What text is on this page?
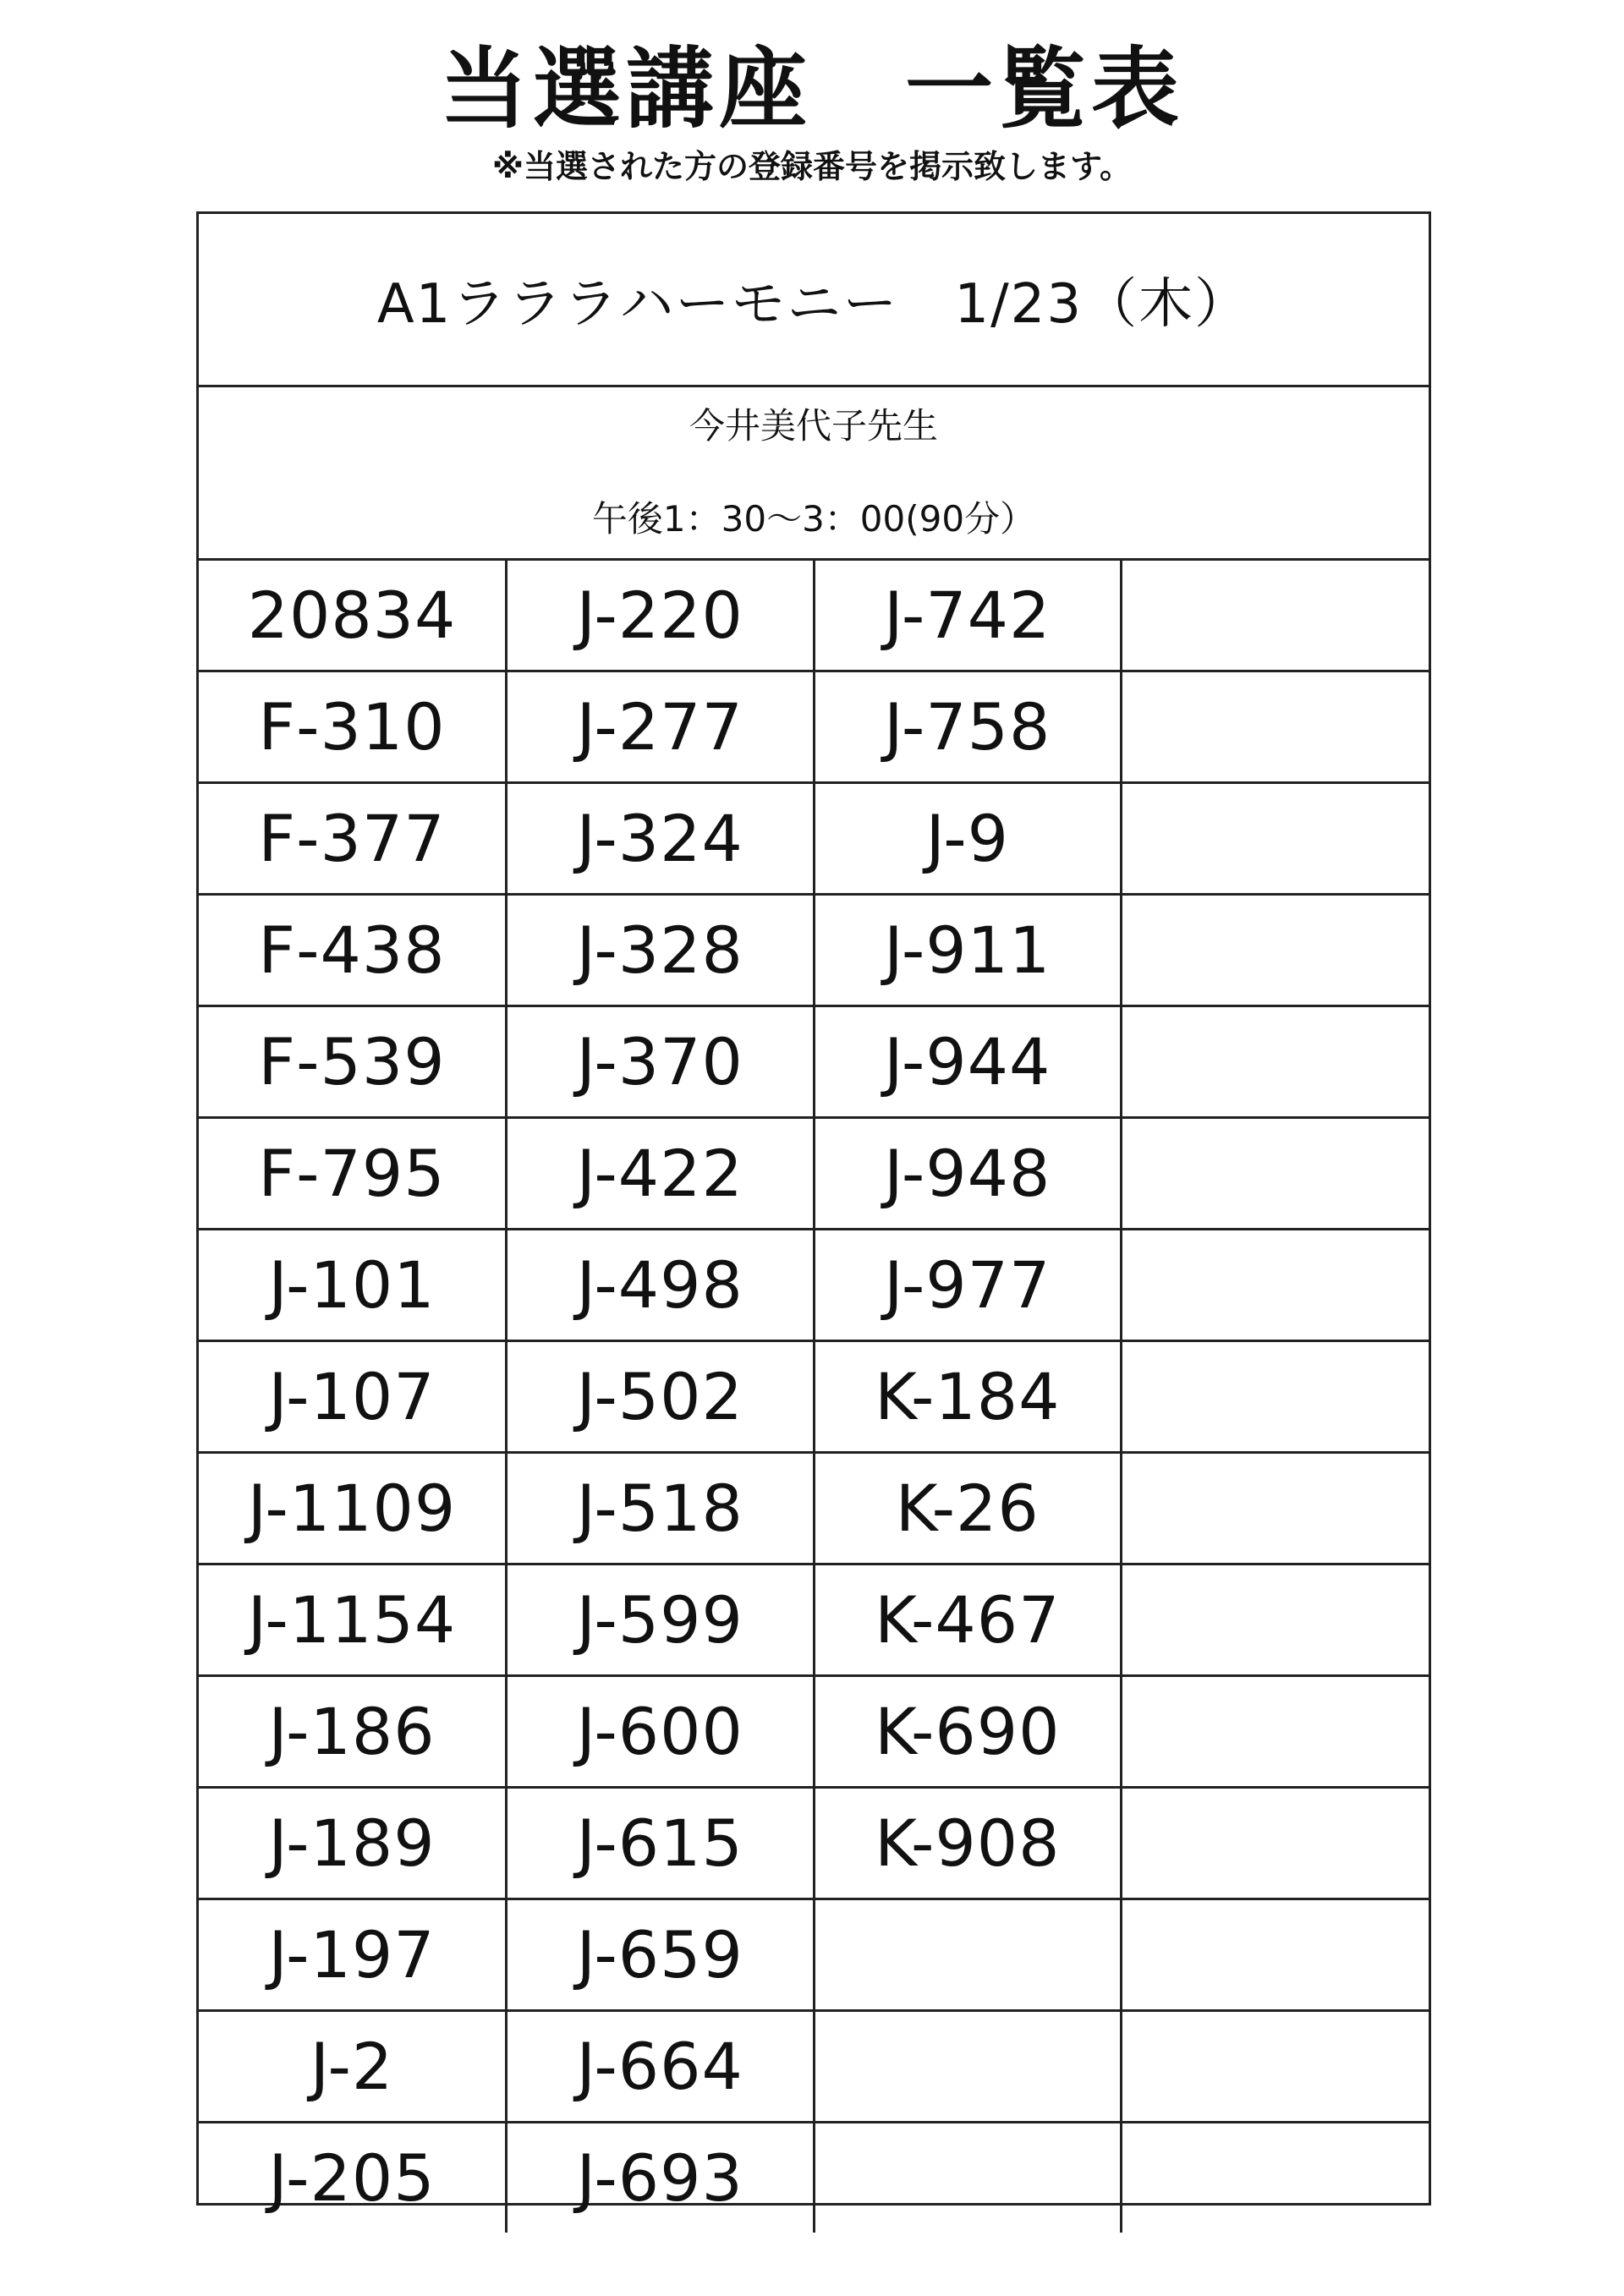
当選講座　一覧表
※当選された方の登録番号を掲示致します。
A1ラララハーモニー　1/23（木）
今井美代子先生
午後1：30～3：00(90分）
20834	J-220	J-742	
F-310	J-277	J-758	
F-377	J-324	J-9	
F-438	J-328	J-911	
F-539	J-370	J-944	
F-795	J-422	J-948	
J-101	J-498	J-977	
J-107	J-502	K-184	
J-1109	J-518	K-26	
J-1154	J-599	K-467	
J-186	J-600	K-690	
J-189	J-615	K-908	
J-197	J-659		
J-2	J-664		
J-205	J-693		
